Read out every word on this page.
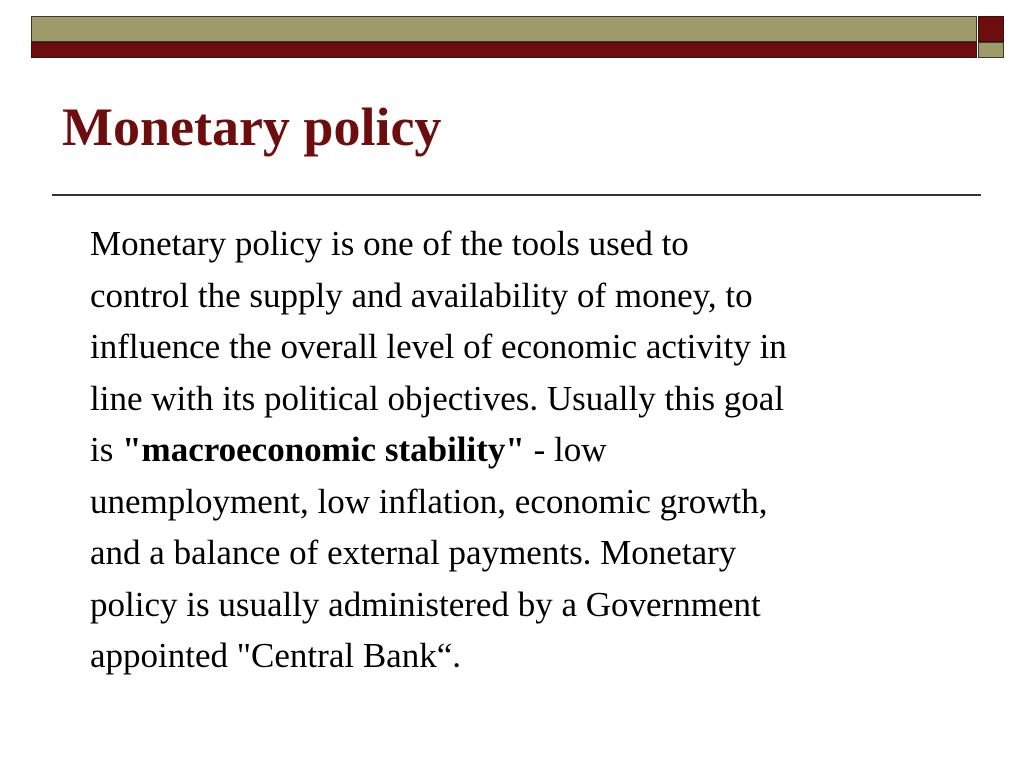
Monetary policy
Monetary policy is one of the tools used to
control the supply and availability of money, to
influence the overall level of economic activity in
line with its political objectives. Usually this goal
is "macroeconomic stability" - low
unemployment, low inflation, economic growth,
and a balance of external payments. Monetary
policy is usually administered by a Government
appointed "Central Bank“.
